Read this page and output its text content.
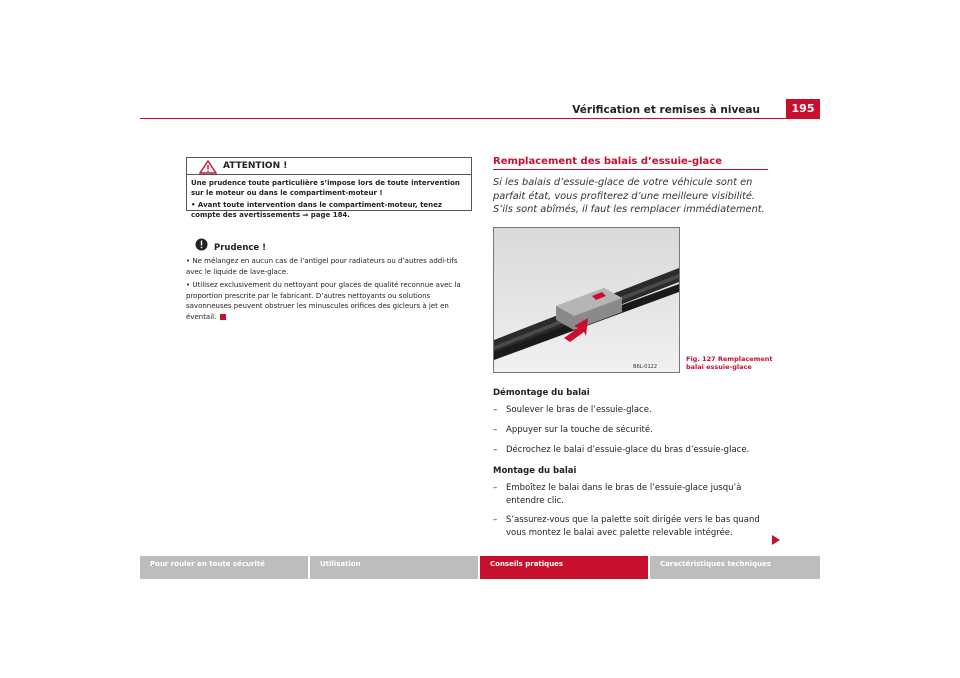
Vérification et remises à niveau	195
ATTENTION !

Une prudence toute particulière s’impose lors de toute intervention sur le moteur ou dans le compartiment-moteur !

• Avant toute intervention dans le compartiment-moteur, tenez compte des avertissements ⇒ page 184.

Prudence !

• Ne mélangez en aucun cas de l’antigel pour radiateurs ou d’autres addi-tifs avec le liquide de lave-glace.

• Utilisez exclusivement du nettoyant pour glaces de qualité reconnue avec la proportion prescrite par le fabricant. D’autres nettoyants ou solutions savonneuses peuvent obstruer les minuscules orifices des gicleurs à jet en éventail.

Remplacement des balais d’essuie-glace
Si les balais d’essuie-glace de votre véhicule sont en parfait état, vous profiterez d’une meilleure visibilité. S’ils sont abîmés, il faut les remplacer immédiatement.
B6L-0122
Fig. 127 Remplacement
balai essuie-glace
Démontage du balai
– Soulever le bras de l’essuie-glace.
– Appuyer sur la touche de sécurité.
– Décrochez le balai d’essuie-glace du bras d’essuie-glace.
Montage du balai
– Emboîtez le balai dans le bras de l’essuie-glace jusqu’à entendre clic.
– S’assurez-vous que la palette soit dirigée vers le bas quand vous montez le balai avec palette relevable intégrée.
Pour rouler en toute sécurité	Utilisation	Conseils pratiques	Caractéristiques techniques
